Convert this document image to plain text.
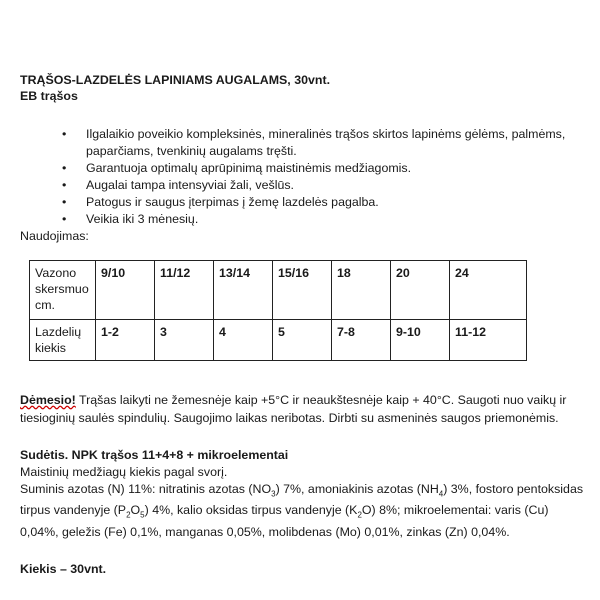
TRĄŠOS-LAZDELĖS LAPINIAMS AUGALAMS, 30vnt.
EB trąšos
• Ilgalaikio poveikio kompleksinės, mineralinės trąšos skirtos lapinėms gėlėms, palmėms, paparčiams, tvenkinių augalams tręšti.
• Garantuoja optimalų aprūpinimą maistinėmis medžiagomis.
• Augalai tampa intensyviai žali, vešlūs.
• Patogus ir saugus įterpimas į žemę lazdelės pagalba.
• Veikia iki 3 mėnesių.
Naudojimas:
Vazono skersmuo cm.	9/10	11/12	13/14	15/16	18	20	24
Lazdelių kiekis	1-2	3	4	5	7-8	9-10	11-12
Dėmesio! Trąšas laikyti ne žemesnėje kaip +5°C ir neaukštesnėje kaip + 40°C. Saugoti nuo vaikų ir tiesioginių saulės spindulių. Saugojimo laikas neribotas. Dirbti su asmeninės saugos priemonėmis.
Sudėtis. NPK trąšos 11+4+8 + mikroelementai
Maistinių medžiagų kiekis pagal svorį.
Suminis azotas (N) 11%: nitratinis azotas $(NO_3)$ 7%, amoniakinis azotas $(NH_4)$ 3%, fostoro pentoksidas tirpus vandenyje $(P_2O_5)$ 4%, kalio oksidas tirpus vandenyje $(K_2O)$ 8%; mikroelementai: varis (Cu) 0,04%, geležis (Fe) 0,1%, manganas 0,05%, molibdenas (Mo) 0,01%, zinkas (Zn) 0,04%.
Kiekis – 30vnt.
